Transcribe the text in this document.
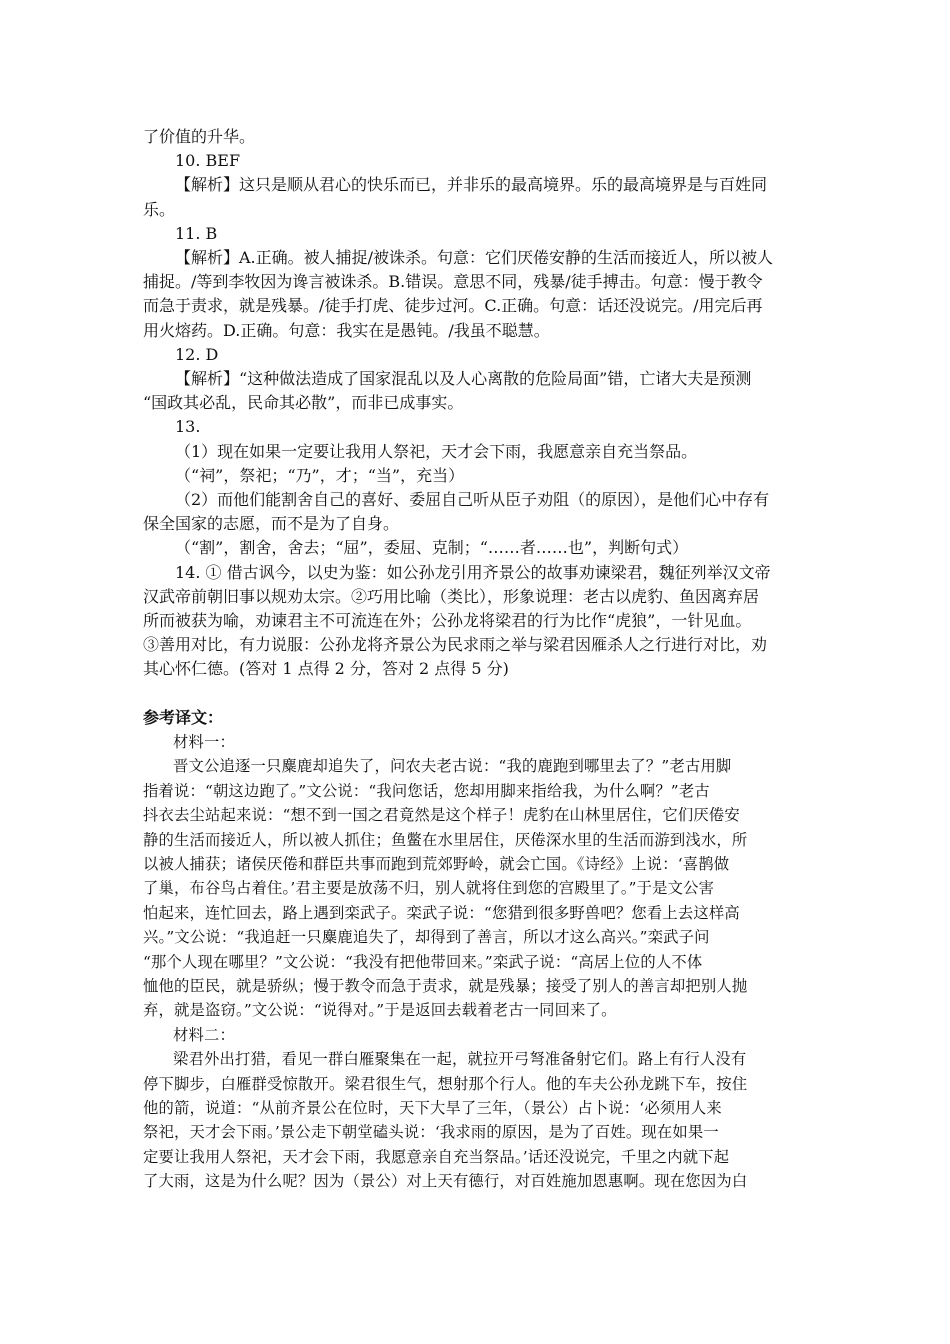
了价值的升华。
10. BEF
【解析】这只是顺从君心的快乐而已，并非乐的最高境界。乐的最高境界是与百姓同
乐。
11. B
【解析】A.正确。被人捕捉/被诛杀。句意：它们厌倦安静的生活而接近人，所以被人
捕捉。/等到李牧因为谗言被诛杀。B.错误。意思不同，残暴/徒手搏击。句意：慢于教令
而急于责求，就是残暴。/徒手打虎、徒步过河。C.正确。句意：话还没说完。/用完后再
用火熔药。D.正确。句意：我实在是愚钝。/我虽不聪慧。
12. D
【解析】“这种做法造成了国家混乱以及人心离散的危险局面”错，亡诸大夫是预测
“国政其必乱，民命其必散”，而非已成事实。
13.
（1）现在如果一定要让我用人祭祀，天才会下雨，我愿意亲自充当祭品。
（“祠”，祭祀；“乃”，才；“当”，充当）
（2）而他们能割舍自己的喜好、委屈自己听从臣子劝阻（的原因），是他们心中存有
保全国家的志愿，而不是为了自身。
（“割”，割舍，舍去；“屈”，委屈、克制；“……者……也”，判断句式）
14. ① 借古讽今，以史为鉴：如公孙龙引用齐景公的故事劝谏梁君，魏征列举汉文帝
汉武帝前朝旧事以规劝太宗。②巧用比喻（类比），形象说理：老古以虎豹、鱼因离弃居
所而被获为喻，劝谏君主不可流连在外；公孙龙将梁君的行为比作“虎狼”，一针见血。
③善用对比，有力说服：公孙龙将齐景公为民求雨之举与梁君因雁杀人之行进行对比，劝
其心怀仁德。(答对 1 点得 2 分，答对 2 点得 5 分)
参考译文：
材料一：
晋文公追逐一只麋鹿却追失了，问农夫老古说：“我的鹿跑到哪里去了？”老古用脚
指着说：“朝这边跑了。”文公说：“我问您话，您却用脚来指给我，为什么啊？”老古
抖衣去尘站起来说：“想不到一国之君竟然是这个样子！虎豹在山林里居住，它们厌倦安
静的生活而接近人，所以被人抓住；鱼鳖在水里居住，厌倦深水里的生活而游到浅水，所
以被人捕获；诸侯厌倦和群臣共事而跑到荒郊野岭，就会亡国。《诗经》上说：‘喜鹊做
了巢，布谷鸟占着住。’君主要是放荡不归，别人就将住到您的宫殿里了。”于是文公害
怕起来，连忙回去，路上遇到栾武子。栾武子说：“您猎到很多野兽吧？您看上去这样高
兴。”文公说：“我追赶一只麋鹿追失了，却得到了善言，所以才这么高兴。”栾武子问
“那个人现在哪里？”文公说：“我没有把他带回来。”栾武子说：“高居上位的人不体
恤他的臣民，就是骄纵；慢于教令而急于责求，就是残暴；接受了别人的善言却把别人抛
弃，就是盗窃。”文公说：“说得对。”于是返回去载着老古一同回来了。
材料二：
梁君外出打猎，看见一群白雁聚集在一起，就拉开弓弩准备射它们。路上有行人没有
停下脚步，白雁群受惊散开。梁君很生气，想射那个行人。他的车夫公孙龙跳下车，按住
他的箭，说道：“从前齐景公在位时，天下大旱了三年，（景公）占卜说：‘必须用人来
祭祀，天才会下雨。’景公走下朝堂磕头说：‘我求雨的原因，是为了百姓。现在如果一
定要让我用人祭祀，天才会下雨，我愿意亲自充当祭品。’话还没说完，千里之内就下起
了大雨，这是为什么呢？因为（景公）对上天有德行，对百姓施加恩惠啊。现在您因为白
